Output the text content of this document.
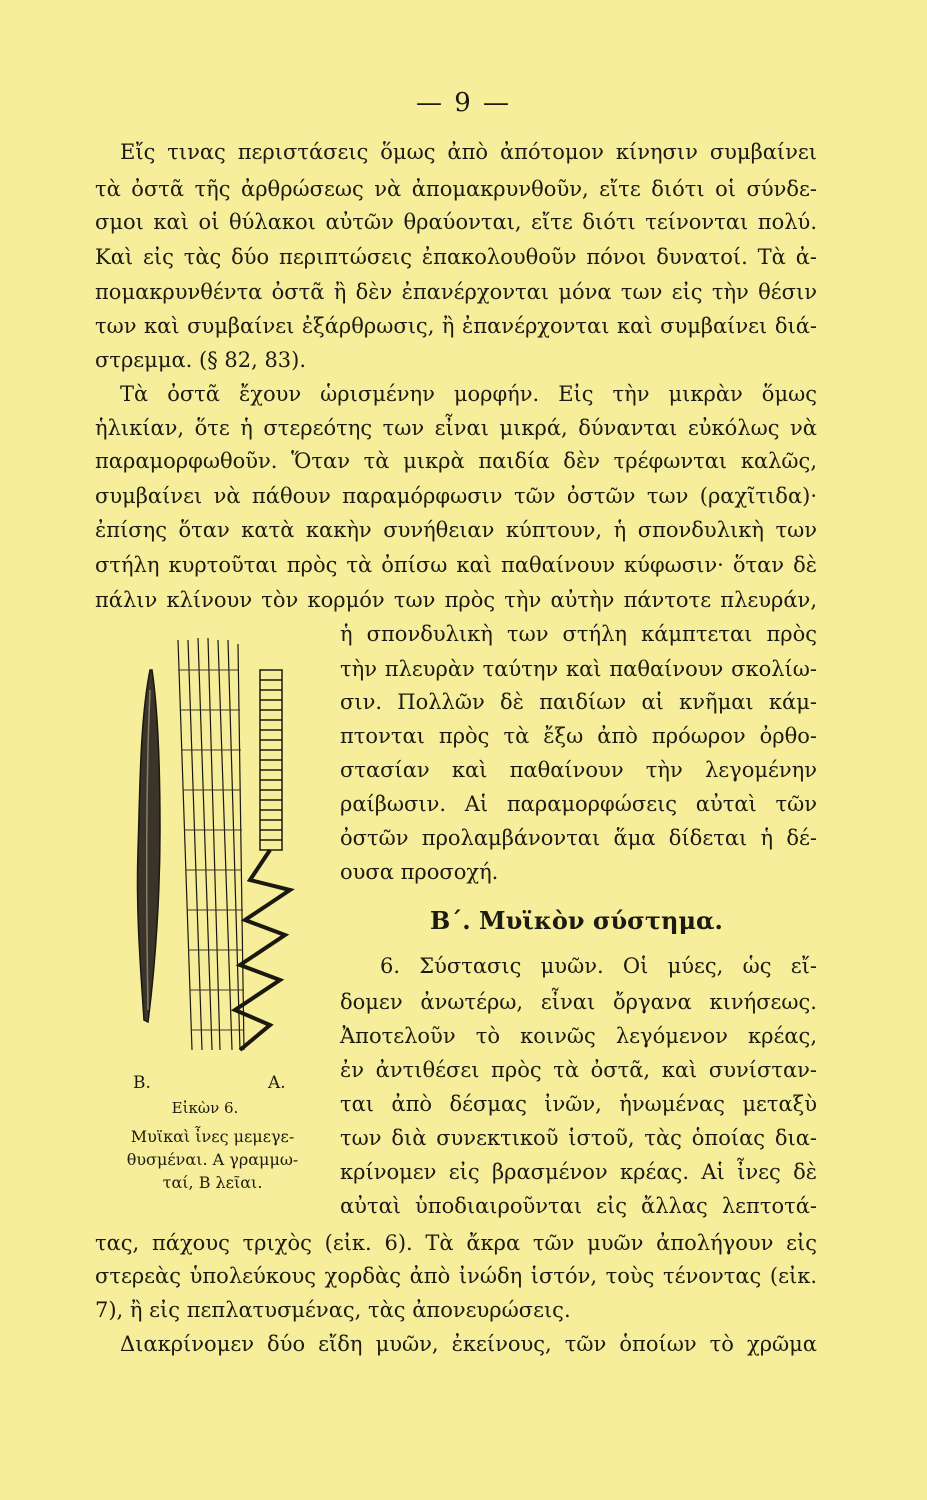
— 9 —
Εἴς τινας περιστάσεις ὅμως ἀπὸ ἀπότομον κίνησιν συμβαίνει
τὰ ὀστᾶ τῆς ἀρθρώσεως νὰ ἀπομακρυνθοῦν, εἴτε διότι οἱ σύνδε-
σμοι καὶ οἱ θύλακοι αὐτῶν θραύονται, εἴτε διότι τείνονται πολύ.
Καὶ εἰς τὰς δύο περιπτώσεις ἐπακολουθοῦν πόνοι δυνατοί. Τὰ ἀ-
πομακρυνθέντα ὀστᾶ ἢ δὲν ἐπανέρχονται μόνα των εἰς τὴν θέσιν
των καὶ συμβαίνει ἐξάρθρωσις, ἢ ἐπανέρχονται καὶ συμβαίνει διά-
στρεμμα. (§ 82, 83).
Τὰ ὀστᾶ ἔχουν ὡρισμένην μορφήν. Εἰς τὴν μικρὰν ὅμως
ἡλικίαν, ὅτε ἡ στερεότης των εἶναι μικρά, δύνανται εὐκόλως νὰ
παραμορφωθοῦν. Ὅταν τὰ μικρὰ παιδία δὲν τρέφωνται καλῶς,
συμβαίνει νὰ πάθουν παραμόρφωσιν τῶν ὀστῶν των (ραχῖτιδα)·
ἐπίσης ὅταν κατὰ κακὴν συνήθειαν κύπτουν, ἡ σπονδυλικὴ των
στήλη κυρτοῦται πρὸς τὰ ὀπίσω καὶ παθαίνουν κύφωσιν· ὅταν δὲ
πάλιν κλίνουν τὸν κορμόν των πρὸς τὴν αὐτὴν πάντοτε πλευράν,
ἡ σπονδυλικὴ των στήλη κάμπτεται πρὸς
τὴν πλευρὰν ταύτην καὶ παθαίνουν σκολίω-
σιν. Πολλῶν δὲ παιδίων αἱ κνῆμαι κάμ-
πτονται πρὸς τὰ ἔξω ἀπὸ πρόωρον ὀρθο-
στασίαν καὶ παθαίνουν τὴν λεγομένην
ραίβωσιν. Αἱ παραμορφώσεις αὐταὶ τῶν
ὀστῶν προλαμβάνονται ἅμα δίδεται ἡ δέ-
ουσα προσοχή.
Β΄. Μυϊκὸν σύστημα.
6. Σύστασις μυῶν. Οἱ μύες, ὡς εἴ-
δομεν ἀνωτέρω, εἶναι ὄργανα κινήσεως.
Ἀποτελοῦν τὸ κοινῶς λεγόμενον κρέας,
ἐν ἀντιθέσει πρὸς τὰ ὀστᾶ, καὶ συνίσταν-
ται ἀπὸ δέσμας ἰνῶν, ἡνωμένας μεταξὺ
των διὰ συνεκτικοῦ ἱστοῦ, τὰς ὁποίας δια-
κρίνομεν εἰς βρασμένον κρέας. Αἱ ἶνες δὲ
αὐταὶ ὑποδιαιροῦνται εἰς ἄλλας λεπτοτά-
τας, πάχους τριχὸς (εἰκ. 6). Τὰ ἄκρα τῶν μυῶν ἀπολήγουν εἰς
στερεὰς ὑπολεύκους χορδὰς ἀπὸ ἰνώδη ἱστόν, τοὺς τένοντας (εἰκ.
7), ἢ εἰς πεπλατυσμένας, τὰς ἀπονευρώσεις.
Διακρίνομεν δύο εἴδη μυῶν, ἐκείνους, τῶν ὁποίων τὸ χρῶμα
Β.	Α.
Εἰκὼν 6.
Μυϊκαὶ ἶνες μεμεγε-
θυσμέναι. Α γραμμω-
ταί, Β λεῖαι.
